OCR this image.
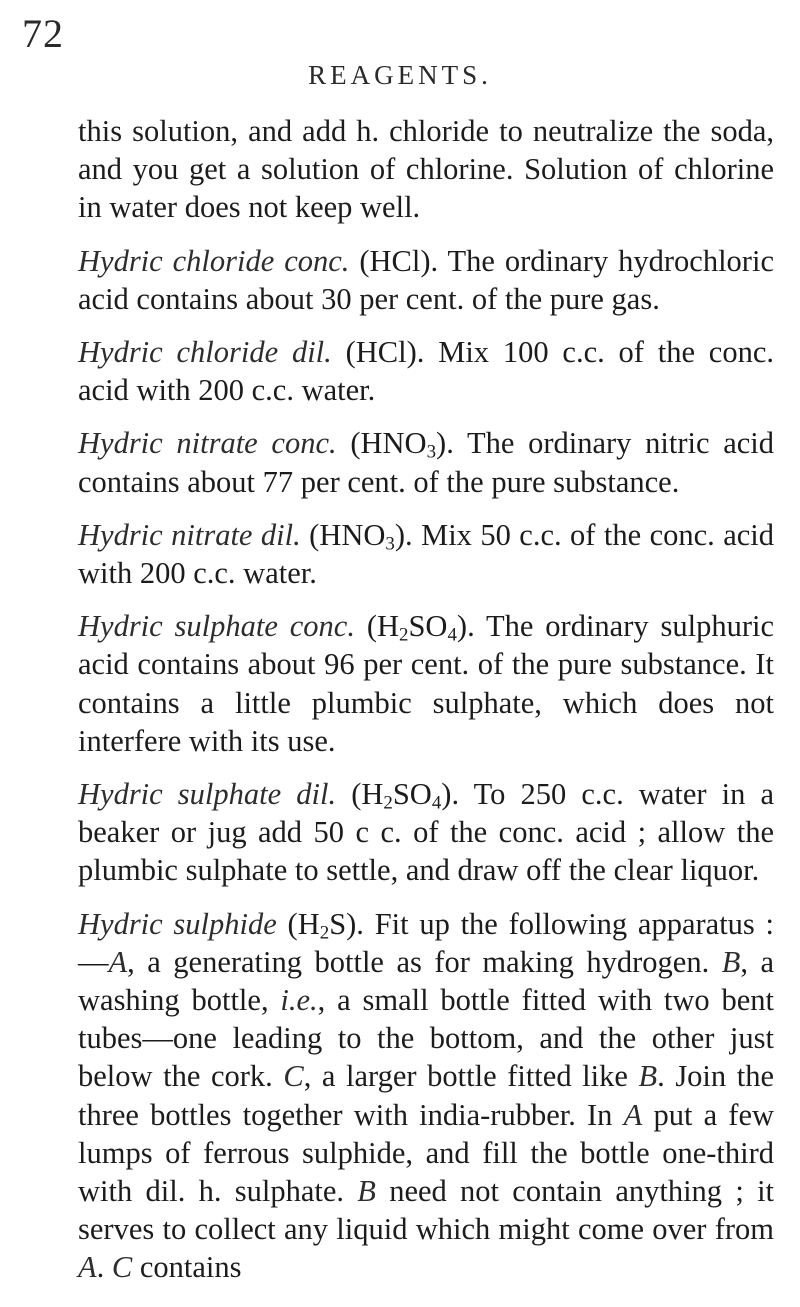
72
REAGENTS.

this solution, and add h. chloride to neutralize the soda, and you get a solution of chlorine. Solution of chlorine in water does not keep well.

Hydric chloride conc. (HCl). The ordinary hydrochloric acid contains about 30 per cent. of the pure gas.

Hydric chloride dil. (HCl). Mix 100 c.c. of the conc. acid with 200 c.c. water.

Hydric nitrate conc. $(HNO_3)$. The ordinary nitric acid contains about 77 per cent. of the pure substance.

Hydric nitrate dil. $(HNO_3)$. Mix 50 c.c. of the conc. acid with 200 c.c. water.

Hydric sulphate conc. $(H_2SO_4)$. The ordinary sulphuric acid contains about 96 per cent. of the pure substance. It contains a little plumbic sulphate, which does not interfere with its use.

Hydric sulphate dil. $(H_2SO_4)$. To 250 c.c. water in a beaker or jug add 50 c c. of the conc. acid ; allow the plumbic sulphate to settle, and draw off the clear liquor.

Hydric sulphide $(H_2S)$. Fit up the following apparatus :—A, a generating bottle as for making hydrogen. B, a washing bottle, i.e., a small bottle fitted with two bent tubes—one leading to the bottom, and the other just below the cork. C, a larger bottle fitted like B. Join the three bottles together with india-rubber. In A put a few lumps of ferrous sulphide, and fill the bottle one-third with dil. h. sulphate. B need not contain anything ; it serves to collect any liquid which might come over from A. C contains
